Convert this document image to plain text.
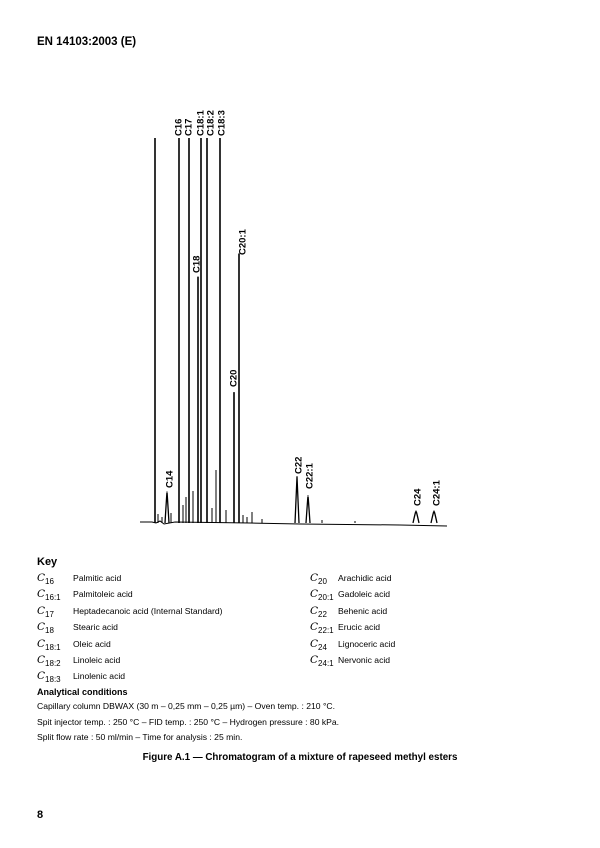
EN 14103:2003 (E)
C14
C16 C17 C18:1 C18:2
C18
C18:3
C20
C20:1
C22 C22:1
C24 C24:1
Key
$C_{16}$ Palmitic acid
$C_{16:1}$ Palmitoleic acid
$C_{17}$ Heptadecanoic acid (Internal Standard)
$C_{18}$ Stearic acid
$C_{18:1}$ Oleic acid
$C_{18:2}$ Linoleic acid
$C_{18:3}$ Linolenic acid
$C_{20}$ Arachidic acid
$C_{20:1}$ Gadoleic acid
$C_{22}$ Behenic acid
$C_{22:1}$ Erucic acid
$C_{24}$ Lignoceric acid
$C_{24:1}$ Nervonic acid
Analytical conditions
Capillary column DBWAX (30 m – 0,25 mm – 0,25 µm) – Oven temp. : 210 °C.
Spit injector temp. : 250 °C – FID temp. : 250 °C – Hydrogen pressure : 80 kPa.
Split flow rate : 50 ml/min – Time for analysis : 25 min.
Figure A.1 — Chromatogram of a mixture of rapeseed methyl esters
8
